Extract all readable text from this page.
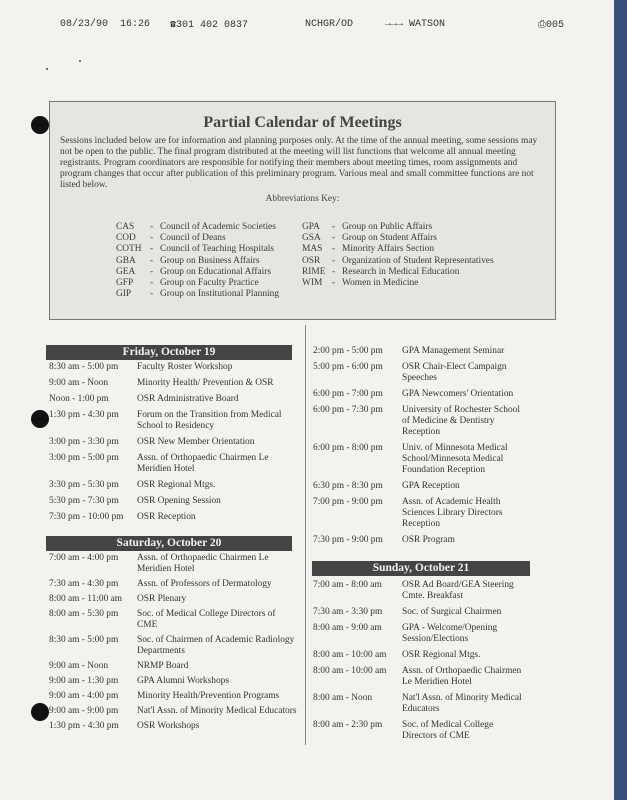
08/23/90 16:26 ☎301 402 0837	NCHGR/OD	→→→ WATSON	⎙005
Partial Calendar of Meetings

Sessions included below are for information and planning purposes only. At the time of the annual meeting, some sessions may not be open to the public. The final program distributed at the meeting will list functions that welcome all annual meeting registrants. Program coordinators are responsible for notifying their members about meeting times, room assignments and program changes that occur after publication of this preliminary program. Various meal and small committee functions are not listed below.

Abbreviations Key:
CAS - Council of Academic Societies
COD - Council of Deans
COTH - Council of Teaching Hospitals
GBA - Group on Business Affairs
GEA - Group on Educational Affairs
GFP - Group on Faculty Practice
GIP - Group on Institutional Planning
GPA - Group on Public Affairs
GSA - Group on Student Affairs
MAS - Minority Affairs Section
OSR - Organization of Student Representatives
RIME - Research in Medical Education
WIM - Women in Medicine
Friday, October 19
8:30 am - 5:00 pm Faculty Roster Workshop
9:00 am - Noon	Minority Health/ Prevention & OSR
Noon - 1:00 pm	OSR Administrative Board
1:30 pm - 4:30 pm Forum on the Transition from Medical School to Residency
3:00 pm - 3:30 pm OSR New Member Orientation
3:00 pm - 5:00 pm Assn. of Orthopaedic Chairmen Le Meridien Hotel
3:30 pm - 5:30 pm OSR Regional Mtgs.
5:30 pm - 7:30 pm OSR Opening Session
7:30 pm - 10:00 pm OSR Reception
Saturday, October 20
7:00 am - 4:00 pm Assn. of Orthopaedic Chairmen Le Meridien Hotel
7:30 am - 4:30 pm Assn. of Professors of Dermatology
8:00 am - 11:00 am OSR Plenary
8:00 am - 5:30 pm Soc. of Medical College Directors of CME
8:30 am - 5:00 pm Soc. of Chairmen of Academic Radiology Departments
9:00 am - Noon	NRMP Board
9:00 am - 1:30 pm GPA Alumni Workshops
9:00 am - 4:00 pm Minority Health/Prevention Programs
9:00 am - 9:00 pm Nat'l Assn. of Minority Medical Educators
1:30 pm - 4:30 pm OSR Workshops
2:00 pm - 5:00 pm GPA Management Seminar
5:00 pm - 6:00 pm OSR Chair-Elect Campaign Speeches
6:00 pm - 7:00 pm GPA Newcomers' Orientation
6:00 pm - 7:30 pm University of Rochester School of Medicine & Dentistry Reception
6:00 pm - 8:00 pm Univ. of Minnesota Medical School/Minnesota Medical Foundation Reception
6:30 pm - 8:30 pm GPA Reception
7:00 pm - 9:00 pm Assn. of Academic Health Sciences Library Directors Reception
7:30 pm - 9:00 pm OSR Program
Sunday, October 21
7:00 am - 8:00 am OSR Ad Board/GEA Steering Cmte. Breakfast
7:30 am - 3:30 pm Soc. of Surgical Chairmen
8:00 am - 9:00 am GPA - Welcome/Opening Session/Elections
8:00 am - 10:00 am OSR Regional Mtgs.
8:00 am - 10:00 am Assn. of Orthopaedic Chairmen Le Meridien Hotel
8:00 am - Noon	Nat'l Assn. of Minority Medical Educators
8:00 am - 2:30 pm Soc. of Medical College Directors of CME
